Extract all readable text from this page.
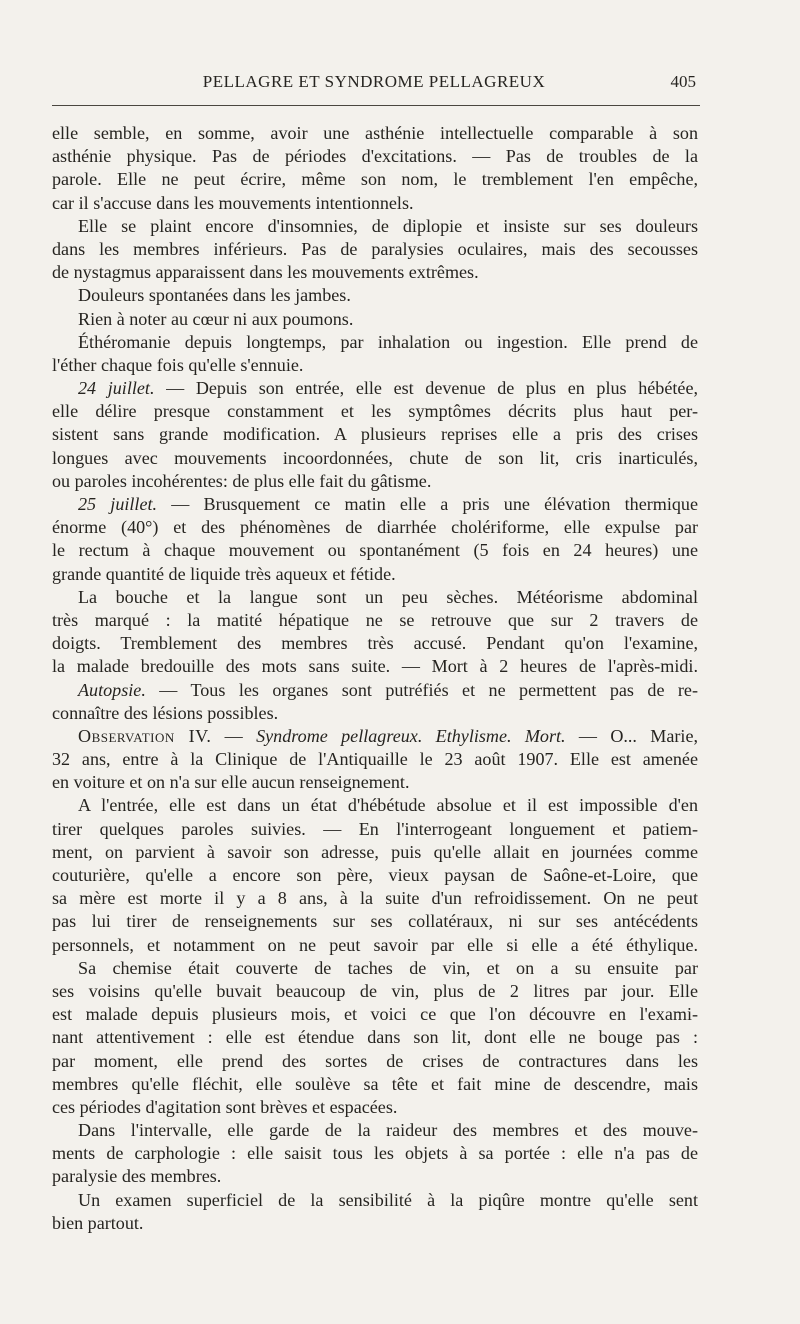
PELLAGRE ET SYNDROME PELLAGREUX	405
elle semble, en somme, avoir une asthénie intellectuelle comparable à son
asthénie physique. Pas de périodes d'excitations. — Pas de troubles de la
parole. Elle ne peut écrire, même son nom, le tremblement l'en empêche,
car il s'accuse dans les mouvements intentionnels.
Elle se plaint encore d'insomnies, de diplopie et insiste sur ses douleurs
dans les membres inférieurs. Pas de paralysies oculaires, mais des secousses
de nystagmus apparaissent dans les mouvements extrêmes.
Douleurs spontanées dans les jambes.
Rien à noter au cœur ni aux poumons.
Éthéromanie depuis longtemps, par inhalation ou ingestion. Elle prend de
l'éther chaque fois qu'elle s'ennuie.
24 juillet. — Depuis son entrée, elle est devenue de plus en plus hébétée,
elle délire presque constamment et les symptômes décrits plus haut per-
sistent sans grande modification. A plusieurs reprises elle a pris des crises
longues avec mouvements incoordonnées, chute de son lit, cris inarticulés,
ou paroles incohérentes: de plus elle fait du gâtisme.
25 juillet. — Brusquement ce matin elle a pris une élévation thermique
énorme (40°) et des phénomènes de diarrhée cholériforme, elle expulse par
le rectum à chaque mouvement ou spontanément (5 fois en 24 heures) une
grande quantité de liquide très aqueux et fétide.
La bouche et la langue sont un peu sèches. Météorisme abdominal
très marqué : la matité hépatique ne se retrouve que sur 2 travers de
doigts. Tremblement des membres très accusé. Pendant qu'on l'examine,
la malade bredouille des mots sans suite. — Mort à 2 heures de l'après-midi.
Autopsie. — Tous les organes sont putréfiés et ne permettent pas de re-
connaître des lésions possibles.
Observation IV. — Syndrome pellagreux. Ethylisme. Mort. — O... Marie,
32 ans, entre à la Clinique de l'Antiquaille le 23 août 1907. Elle est amenée
en voiture et on n'a sur elle aucun renseignement.
A l'entrée, elle est dans un état d'hébétude absolue et il est impossible d'en
tirer quelques paroles suivies. — En l'interrogeant longuement et patiem-
ment, on parvient à savoir son adresse, puis qu'elle allait en journées comme
couturière, qu'elle a encore son père, vieux paysan de Saône-et-Loire, que
sa mère est morte il y a 8 ans, à la suite d'un refroidissement. On ne peut
pas lui tirer de renseignements sur ses collatéraux, ni sur ses antécédents
personnels, et notamment on ne peut savoir par elle si elle a été éthylique.
Sa chemise était couverte de taches de vin, et on a su ensuite par
ses voisins qu'elle buvait beaucoup de vin, plus de 2 litres par jour. Elle
est malade depuis plusieurs mois, et voici ce que l'on découvre en l'exami-
nant attentivement : elle est étendue dans son lit, dont elle ne bouge pas :
par moment, elle prend des sortes de crises de contractures dans les
membres qu'elle fléchit, elle soulève sa tête et fait mine de descendre, mais
ces périodes d'agitation sont brèves et espacées.
Dans l'intervalle, elle garde de la raideur des membres et des mouve-
ments de carphologie : elle saisit tous les objets à sa portée : elle n'a pas de
paralysie des membres.
Un examen superficiel de la sensibilité à la piqûre montre qu'elle sent
bien partout.
